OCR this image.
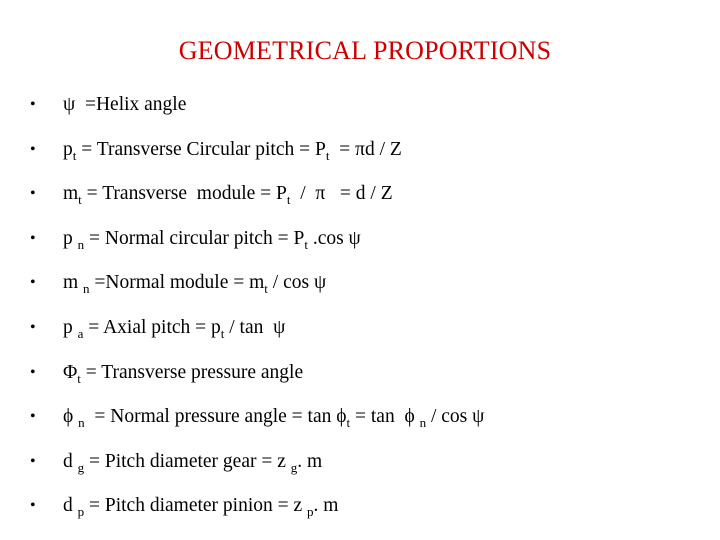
GEOMETRICAL PROPORTIONS
• ψ  =Helix angle
• $p_t$ = Transverse Circular pitch = $P_t = \pi d / Z$
• $m_t$ = Transverse  module = $P_t / \pi = d / Z$
• p $_n$ = Normal circular pitch = $P_t$ .cos ψ
• m $_n$ =Normal module = $m_t$ / cos ψ
• p $_a$ = Axial pitch = $p_t$ / tan  ψ
• $\Phi_t$ = Transverse pressure angle
• ϕ $_n$  = Normal pressure angle = $\tan \phi_t = \tan \phi$ $_n$ / cos ψ
• d $_g$ = Pitch diameter gear = z $_g$. m
• d $_p$ = Pitch diameter pinion = z $_p$. m
